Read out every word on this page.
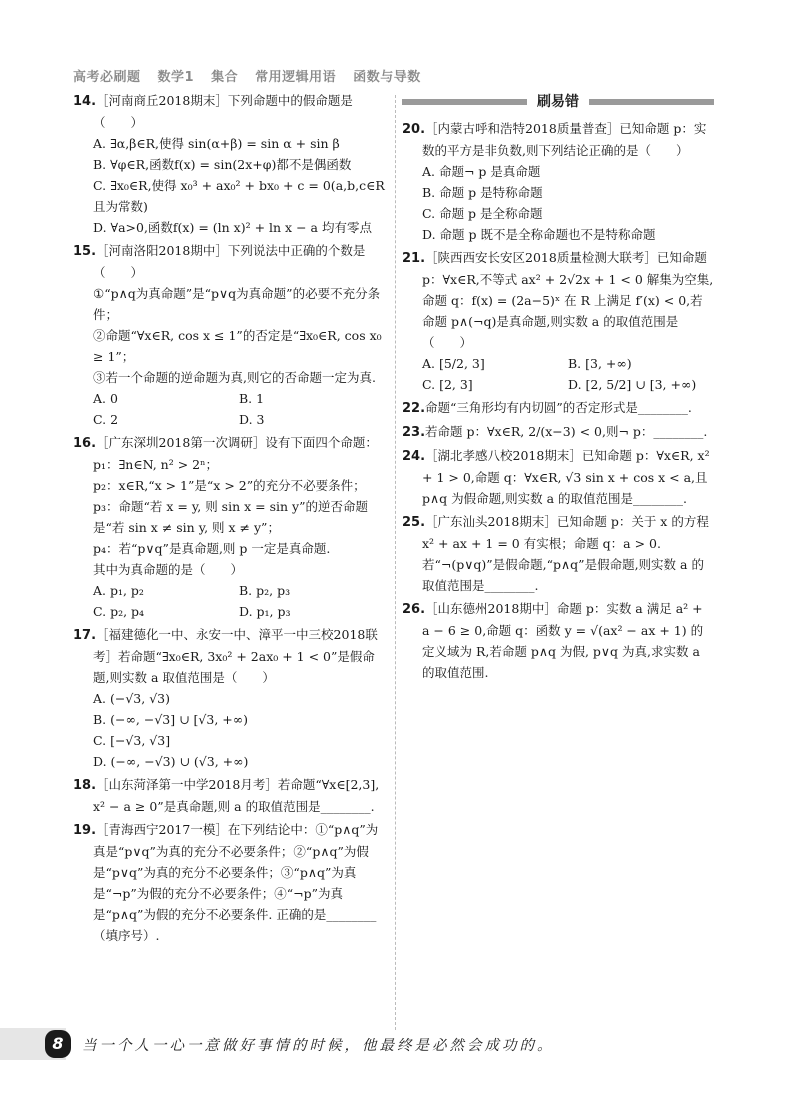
高考必刷题 数学1 集合 常用逻辑用语 函数与导数
14.［河南商丘2018期末］下列命题中的假命题是（　　）
A. ∃α,β∈R,使得 sin(α+β) = sin α + sin β
B. ∀φ∈R,函数f(x) = sin(2x+φ)都不是偶函数
C. ∃x₀∈R,使得 x₀³ + ax₀² + bx₀ + c = 0(a,b,c∈R 且为常数)
D. ∀a>0,函数f(x) = (ln x)² + ln x − a 均有零点
15.［河南洛阳2018期中］下列说法中正确的个数是（　　）
①“p∧q为真命题”是“p∨q为真命题”的必要不充分条件；
②命题“∀x∈R, cos x ≤ 1”的否定是“∃x₀∈R, cos x₀ ≥ 1”；
③若一个命题的逆命题为真,则它的否命题一定为真.
A. 0	B. 1
C. 2	D. 3
16.［广东深圳2018第一次调研］设有下面四个命题：
p₁：∃n∈N, n² > 2ⁿ；
p₂：x∈R,“x > 1”是“x > 2”的充分不必要条件；
p₃：命题“若 x = y, 则 sin x = sin y”的逆否命题是“若 sin x ≠ sin y, 则 x ≠ y”；
p₄：若“p∨q”是真命题,则 p 一定是真命题.
其中为真命题的是（　　）
A. p₁, p₂	B. p₂, p₃
C. p₂, p₄	D. p₁, p₃
17.［福建德化一中、永安一中、漳平一中三校2018联考］若命题“∃x₀∈R, 3x₀² + 2ax₀ + 1 < 0”是假命题,则实数 a 取值范围是（　　）
A. (−√3, √3)
B. (−∞, −√3] ∪ [√3, +∞)
C. [−√3, √3]
D. (−∞, −√3) ∪ (√3, +∞)
18.［山东菏泽第一中学2018月考］若命题“∀x∈[2,3], x² − a ≥ 0”是真命题,则 a 的取值范围是________.
19.［青海西宁2017一模］在下列结论中：①“p∧q”为真是“p∨q”为真的充分不必要条件；②“p∧q”为假是“p∨q”为真的充分不必要条件；③“p∧q”为真是“¬p”为假的充分不必要条件；④“¬p”为真是“p∧q”为假的充分不必要条件. 正确的是________（填序号）.
刷易错
20.［内蒙古呼和浩特2018质量普查］已知命题 p：实数的平方是非负数,则下列结论正确的是（　　）
A. 命题¬ p 是真命题
B. 命题 p 是特称命题
C. 命题 p 是全称命题
D. 命题 p 既不是全称命题也不是特称命题
21.［陕西西安长安区2018质量检测大联考］已知命题 p：∀x∈R,不等式 ax² + 2√2x + 1 < 0 解集为空集,命题 q：f(x) = (2a−5)ˣ 在 R 上满足 f′(x) < 0,若命题 p∧(¬q)是真命题,则实数 a 的取值范围是（　　）
A. [5/2, 3]	B. [3, +∞)
C. [2, 3]	D. [2, 5/2] ∪ [3, +∞)
22.命题“三角形均有内切圆”的否定形式是________.
23.若命题 p：∀x∈R, 2/(x−3) < 0,则¬ p：________.
24.［湖北孝感八校2018期末］已知命题 p：∀x∈R, x² + 1 > 0,命题 q：∀x∈R, √3 sin x + cos x < a,且 p∧q 为假命题,则实数 a 的取值范围是________.
25.［广东汕头2018期末］已知命题 p：关于 x 的方程 x² + ax + 1 = 0 有实根；命题 q：a > 0. 若“¬(p∨q)”是假命题,“p∧q”是假命题,则实数 a 的取值范围是________.
26.［山东德州2018期中］命题 p：实数 a 满足 a² + a − 6 ≥ 0,命题 q：函数 y = √(ax² − ax + 1) 的定义域为 R,若命题 p∧q 为假, p∨q 为真,求实数 a 的取值范围.
8	当一个人一心一意做好事情的时候，他最终是必然会成功的。
